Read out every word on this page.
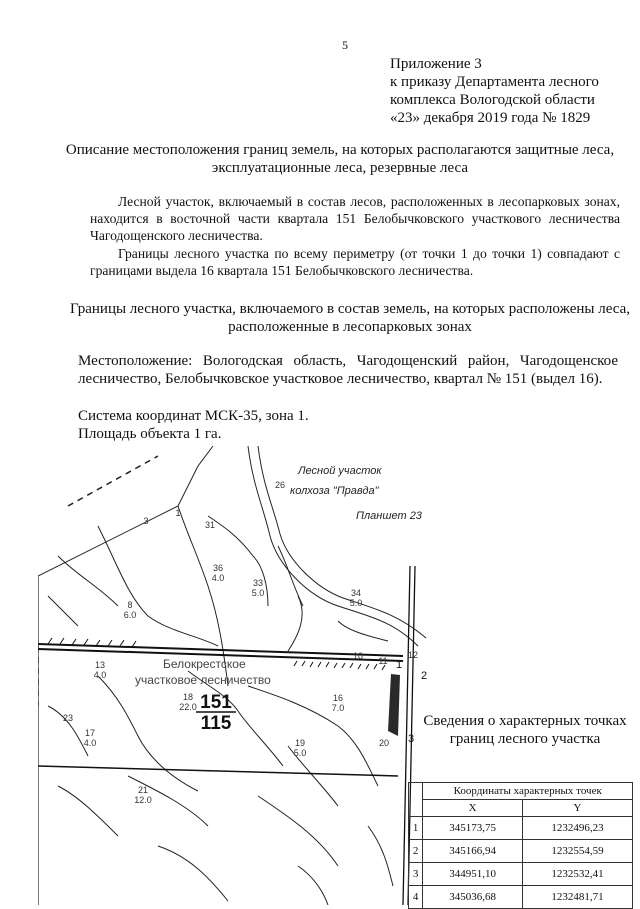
5
Приложение 3
к приказу Департамента лесного
комплекса Вологодской области
«23» декабря 2019 года № 1829
Описание местоположения границ земель, на которых располагаются защитные леса, эксплуатационные леса, резервные леса
Лесной участок, включаемый в состав лесов, расположенных в лесопарковых зонах, находится в восточной части квартала 151 Белобычковского участкового лесничества Чагодощенского лесничества.
Границы лесного участка по всему периметру (от точки 1 до точки 1) совпадают с границами выдела 16 квартала 151 Белобычковского лесничества.
Границы лесного участка, включаемого в состав земель, на которых расположены леса, расположенные в лесопарковых зонах
Местоположение: Вологодская область, Чагодощенский район, Чагодощенское лесничество, Белобычковское участковое лесничество, квартал № 151 (выдел 16).
Система координат МСК-35, зона 1.
Площадь объекта 1 га.
Лесной участок
колхоза "Правда"
Планшет 23
Белокрестское
участковое лесничество
151
115
1
2
3
26
3
1
31
36
4.0	33
5.0	34
5.0
8
6.0
13
4.0
18
22.0
16
7.0
19
5.0
17
4.0
21
12.0
23
20
11
12
10
Сведения о характерных точках границ лесного участка
	Координаты характерных точек	
	X	Y
1	345173,75	1232496,23
2	345166,94	1232554,59
3	344951,10	1232532,41
4	345036,68	1232481,71
